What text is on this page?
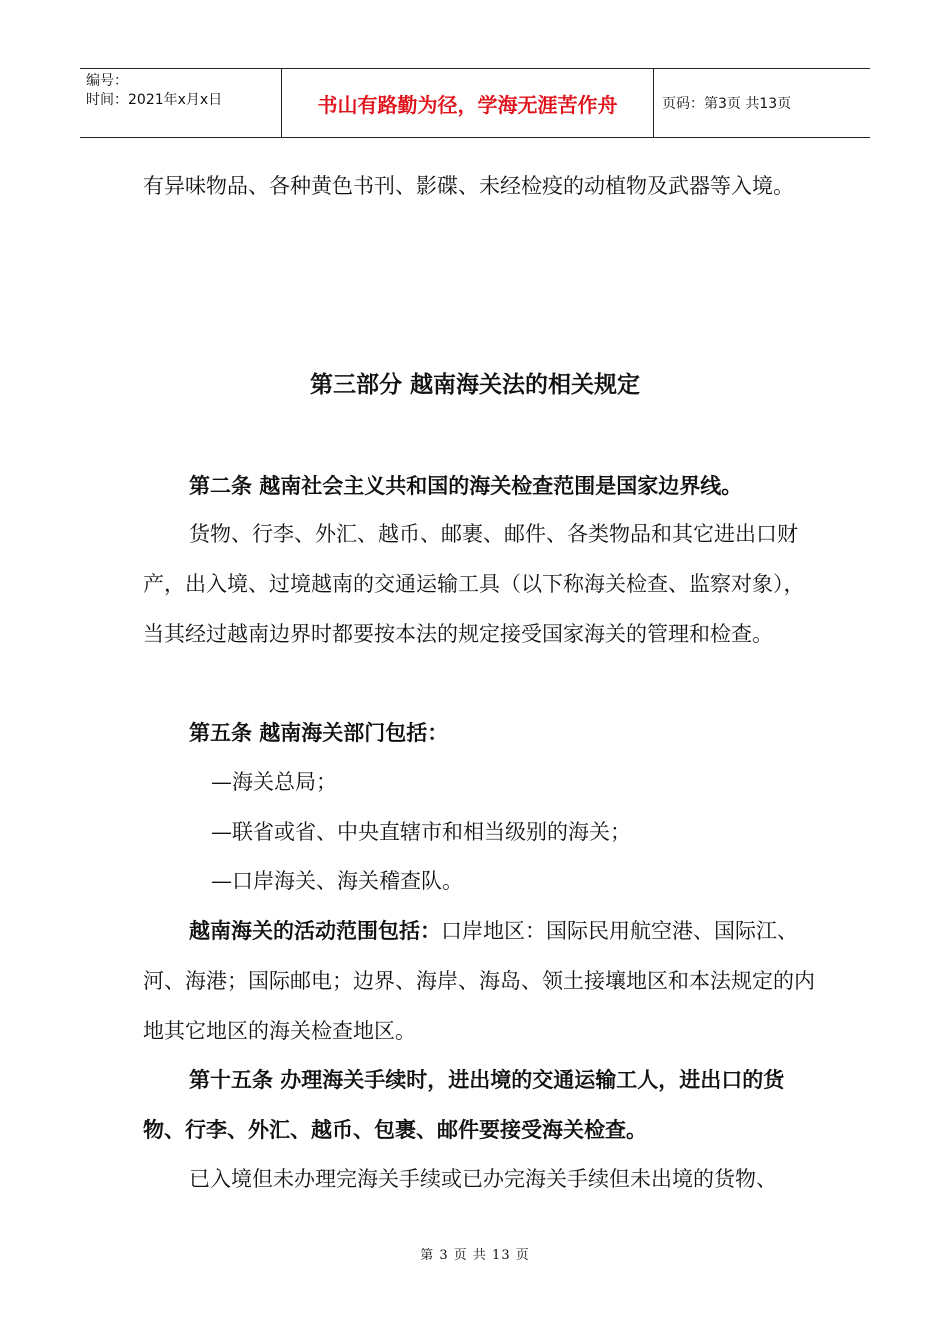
编号：
时间：2021年x月x日	书山有路勤为径，学海无涯苦作舟	页码：第3页 共13页

有异味物品、各种黄色书刊、影碟、未经检疫的动植物及武器等入境。

第三部分 越南海关法的相关规定

第二条 越南社会主义共和国的海关检查范围是国家边界线。

货物、行李、外汇、越币、邮裹、邮件、各类物品和其它进出口财产，出入境、过境越南的交通运输工具（以下称海关检查、监察对象），当其经过越南边界时都要按本法的规定接受国家海关的管理和检查。

第五条 越南海关部门包括：

—海关总局；
—联省或省、中央直辖市和相当级别的海关；
—口岸海关、海关稽查队。

越南海关的活动范围包括：口岸地区：国际民用航空港、国际江、河、海港；国际邮电；边界、海岸、海岛、领土接壤地区和本法规定的内地其它地区的海关检查地区。

第十五条 办理海关手续时，进出境的交通运输工人，进出口的货物、行李、外汇、越币、包裹、邮件要接受海关检查。

已入境但未办理完海关手续或已办完海关手续但未出境的货物、

第 3 页 共 13 页
